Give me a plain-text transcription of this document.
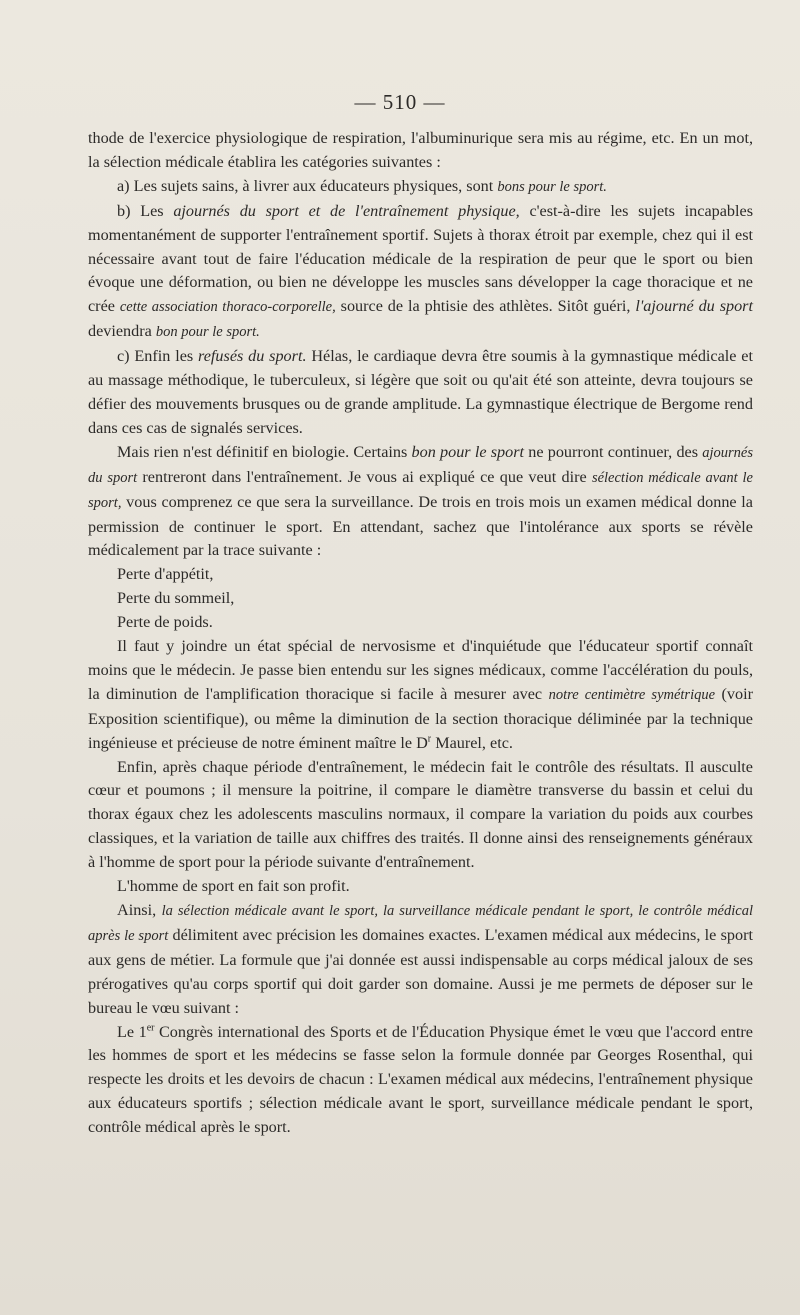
— 510 —

thode de l'exercice physiologique de respiration, l'albuminurique sera mis au régime, etc. En un mot, la sélection médicale établira les catégories suivantes :

a) Les sujets sains, à livrer aux éducateurs physiques, sont bons pour le sport.

b) Les ajournés du sport et de l'entraînement physique, c'est-à-dire les sujets incapables momentanément de supporter l'entraînement sportif. Sujets à thorax étroit par exemple, chez qui il est nécessaire avant tout de faire l'éducation médicale de la respiration de peur que le sport ou bien évoque une déformation, ou bien ne développe les muscles sans développer la cage thoracique et ne crée cette association thoraco-corporelle, source de la phtisie des athlètes. Sitôt guéri, l'ajourné du sport deviendra bon pour le sport.

c) Enfin les refusés du sport. Hélas, le cardiaque devra être soumis à la gymnastique médicale et au massage méthodique, le tuberculeux, si légère que soit ou qu'ait été son atteinte, devra toujours se défier des mouvements brusques ou de grande amplitude. La gymnastique électrique de Bergome rend dans ces cas de signalés services.

Mais rien n'est définitif en biologie. Certains bon pour le sport ne pourront continuer, des ajournés du sport rentreront dans l'entraînement. Je vous ai expliqué ce que veut dire sélection médicale avant le sport, vous comprenez ce que sera la surveillance. De trois en trois mois un examen médical donne la permission de continuer le sport. En attendant, sachez que l'intolérance aux sports se révèle médicalement par la trace suivante :

Perte d'appétit,

Perte du sommeil,

Perte de poids.

Il faut y joindre un état spécial de nervosisme et d'inquiétude que l'éducateur sportif connaît moins que le médecin. Je passe bien entendu sur les signes médicaux, comme l'accélération du pouls, la diminution de l'amplification thoracique si facile à mesurer avec notre centimètre symétrique (voir Exposition scientifique), ou même la diminution de la section thoracique déliminée par la technique ingénieuse et précieuse de notre éminent maître le $D^r$ Maurel, etc.

Enfin, après chaque période d'entraînement, le médecin fait le contrôle des résultats. Il ausculte cœur et poumons ; il mensure la poitrine, il compare le diamètre transverse du bassin et celui du thorax égaux chez les adolescents masculins normaux, il compare la variation du poids aux courbes classiques, et la variation de taille aux chiffres des traités. Il donne ainsi des renseignements généraux à l'homme de sport pour la période suivante d'entraînement.

L'homme de sport en fait son profit.

Ainsi, la sélection médicale avant le sport, la surveillance médicale pendant le sport, le contrôle médical après le sport délimitent avec précision les domaines exactes. L'examen médical aux médecins, le sport aux gens de métier. La formule que j'ai donnée est aussi indispensable au corps médical jaloux de ses prérogatives qu'au corps sportif qui doit garder son domaine. Aussi je me permets de déposer sur le bureau le vœu suivant :

Le 1er Congrès international des Sports et de l'Éducation Physique émet le vœu que l'accord entre les hommes de sport et les médecins se fasse selon la formule donnée par Georges Rosenthal, qui respecte les droits et les devoirs de chacun : L'examen médical aux médecins, l'entraînement physique aux éducateurs sportifs ; sélection médicale avant le sport, surveillance médicale pendant le sport, contrôle médical après le sport.
